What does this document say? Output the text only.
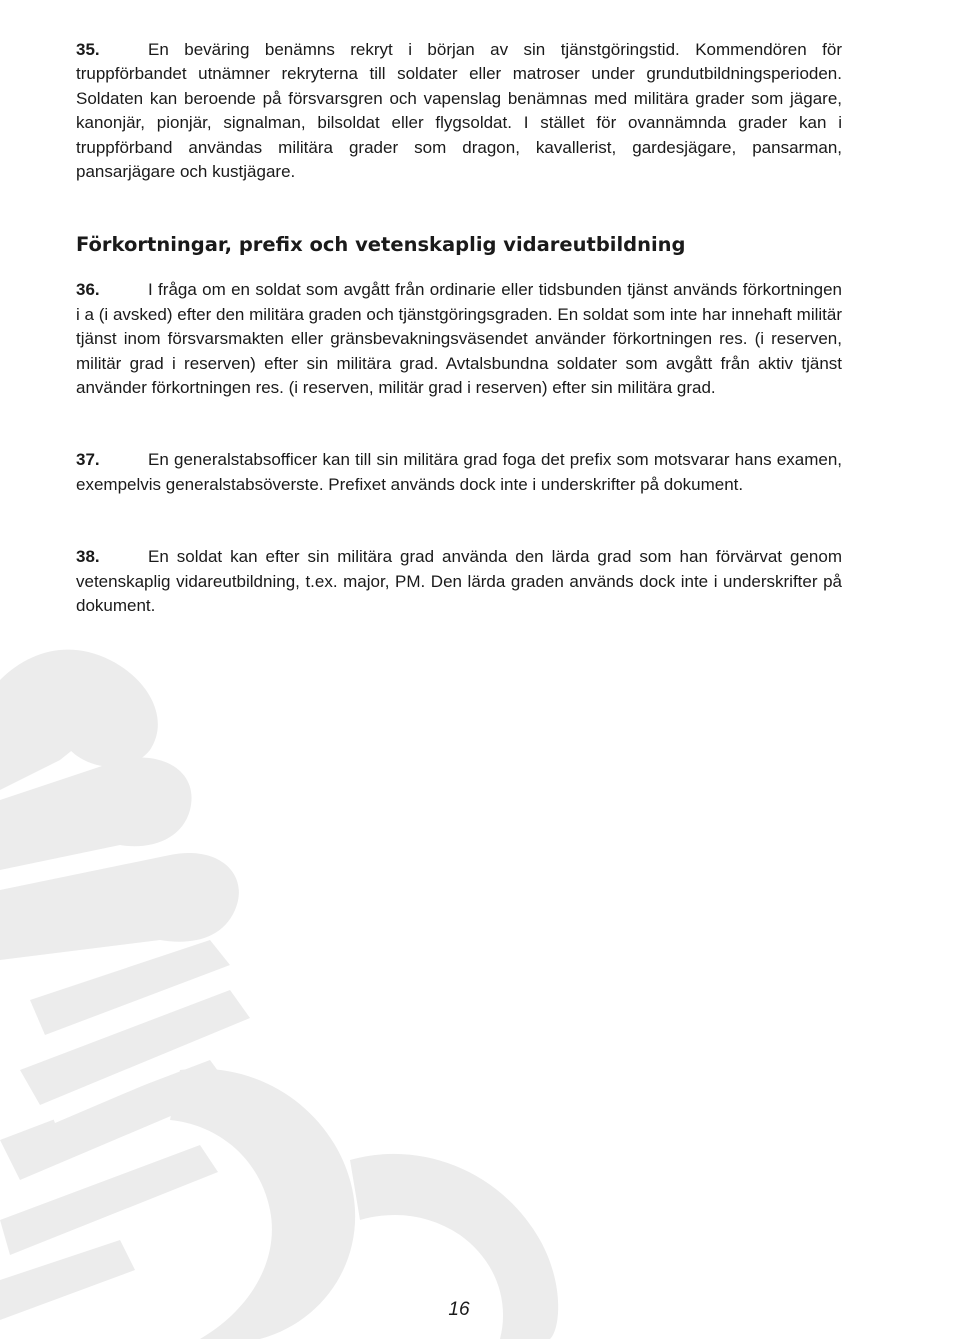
35.	En beväring benämns rekryt i början av sin tjänstgöringstid. Kommendören för truppförbandet utnämner rekryterna till soldater eller matroser under grundutbildningsperioden. Soldaten kan beroende på försvarsgren och vapenslag benämnas med militära grader som jägare, kanonjär, pionjär, signalman, bilsoldat eller flygsoldat. I stället för ovannämnda grader kan i truppförband användas militära grader som dragon, kavallerist, gardesjägare, pansarman, pansarjägare och kustjägare.

Förkortningar, prefix och vetenskaplig vidareutbildning

36.	I fråga om en soldat som avgått från ordinarie eller tidsbunden tjänst används förkortningen i a (i avsked) efter den militära graden och tjänstgöringsgraden. En soldat som inte har innehaft militär tjänst inom försvarsmakten eller gränsbevakningsväsendet använder förkortningen res. (i reserven, militär grad i reserven) efter sin militära grad. Avtalsbundna soldater som avgått från aktiv tjänst använder förkortningen res. (i reserven, militär grad i reserven) efter sin militära grad.

37.	En generalstabsofficer kan till sin militära grad foga det prefix som motsvarar hans examen, exempelvis generalstabsöverste. Prefixet används dock inte i underskrifter på dokument.

38.	En soldat kan efter sin militära grad använda den lärda grad som han förvärvat genom vetenskaplig vidareutbildning, t.ex. major, PM. Den lärda graden används dock inte i underskrifter på dokument.

16
